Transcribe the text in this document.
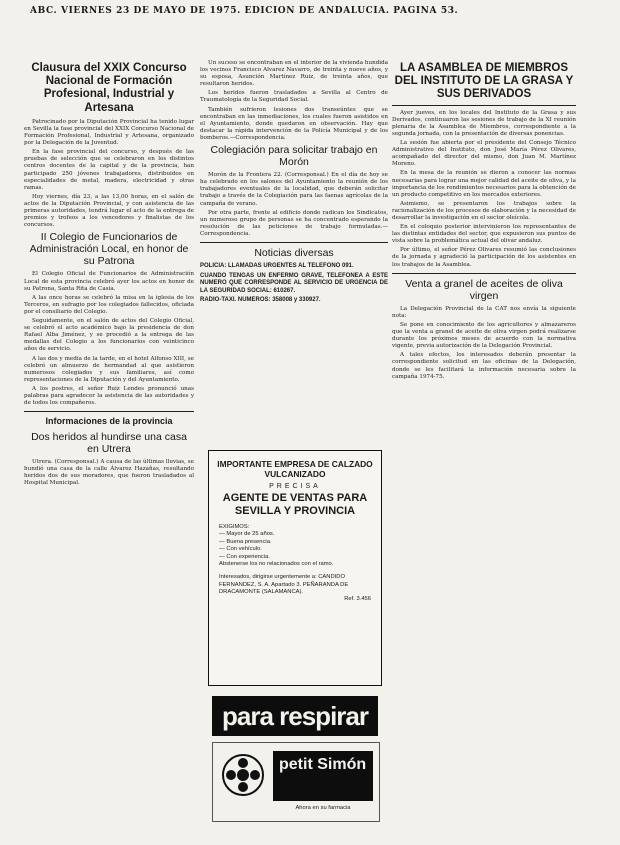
ABC. VIERNES 23 DE MAYO DE 1975. EDICION DE ANDALUCIA. PAGINA 53.
Clausura del XXIX Concurso Nacional de Formación Profesional, Industrial y Artesana

Patrocinado por la Diputación Provincial ha tenido lugar en Sevilla la fase provincial del XXIX Concurso Nacional de Formación Profesional, Industrial y Artesana, organizado por la Delegación de la Juventud.

En la fase provincial del concurso, y después de las pruebas de selección que se celebraron en los distintos centros docentes de la capital y de la provincia, han participado 250 jóvenes trabajadores, distribuidos en especialidades de metal, madera, electricidad y otras ramas.

Hoy viernes, día 23, a las 13,00 horas, en el salón de actos de la Diputación Provincial, y con asistencia de las primeras autoridades, tendrá lugar el acto de la entrega de premios y trofeos a los vencedores y finalistas de los concursos.

II Colegio de Funcionarios de Administración Local, en honor de su Patrona

El Colegio Oficial de Funcionarios de Administración Local de esta provincia celebró ayer los actos en honor de su Patrona, Santa Rita de Casia.

A las once horas se celebró la misa en la iglesia de los Terceros, en sufragio por los colegiados fallecidos, oficiada por el consiliario del Colegio.

Seguidamente, en el salón de actos del Colegio Oficial, se celebró el acto académico bajo la presidencia de don Rafael Alba Jiménez, y se procedió a la entrega de las medallas del Colegio a los funcionarios con veinticinco años de servicio.

A las dos y media de la tarde, en el hotel Alfonso XIII, se celebró un almuerzo de hermandad al que asistieron numerosos colegiados y sus familiares, así como representaciones de la Diputación y del Ayuntamiento.

A los postres, el señor Ruiz Lendes pronunció unas palabras para agradecer la asistencia de las autoridades y de todos los compañeros.

Informaciones de la provincia
Dos heridos al hundirse una casa en Utrera

Utrera. (Corresponsal.) A causa de las últimas lluvias, se hundió una casa de la calle Álvarez Hazañas, resultando heridos dos de sus moradores, que fueron trasladados al Hospital Municipal.

Un suceso se encontraban en el interior de la vivienda hundida los vecinos Francisco Alvarez Navarro, de treinta y nueve años, y su esposa, Asunción Martínez Ruiz, de treinta años, que resultaron heridos.

Los heridos fueron trasladados a Sevilla al Centro de Traumatología de la Seguridad Social.

También sufrieron lesiones dos transeúntes que se encontraban en las inmediaciones, los cuales fueron asistidos en el Ayuntamiento, donde quedaron en observación. Hay que destacar la rápida intervención de la Policía Municipal y de los bomberos.—Correspondencia.

Colegiación para solicitar trabajo en Morón

Morón de la Frontera 22. (Corresponsal.) En el día de hoy se ha celebrado en los salones del Ayuntamiento la reunión de los trabajadores eventuales de la localidad, que deberán solicitar trabajo a través de la Colegiación para las faenas agrícolas de la campaña de verano.

Por otra parte, frente al edificio donde radican los Sindicatos, un numeroso grupo de personas se ha concentrado esperando la resolución de las peticiones de trabajo formuladas.—Correspondencia.

Noticias diversas
POLICIA: LLAMADAS URGENTES AL TELEFONO 091.
CUANDO TENGAS UN ENFERMO GRAVE, TELEFONEA A ESTE NUMERO QUE CORRESPONDE AL SERVICIO DE URGENCIA DE LA SEGURIDAD SOCIAL: 610267.
RADIO-TAXI. NUMEROS: 358008 y 330927.
IMPORTANTE EMPRESA DE CALZADO VULCANIZADO
PRECISA
AGENTE DE VENTAS PARA SEVILLA Y PROVINCIA
EXIGIMOS:
— Mayor de 25 años.
— Buena presencia.
— Con vehículo.
— Con experiencia.
Abstenerse los no relacionados con el ramo.
Interesados, dirigirse urgentemente a: CANDIDO FERNANDEZ, S. A. Apartado 3. PEÑARANDA DE DRACAMONTE (SALAMANCA).
Ref. 3.456
para respirar
petit Simón
Ahora en su farmacia
LA ASAMBLEA DE MIEMBROS DEL INSTITUTO DE LA GRASA Y SUS DERIVADOS

Ayer jueves, en los locales del Instituto de la Grasa y sus Derivados, continuaron las sesiones de trabajo de la XI reunión plenaria de la Asamblea de Miembros, correspondiente a la segunda jornada, con la presentación de diversas ponencias.

La sesión fue abierta por el presidente del Consejo Técnico Administrativo del Instituto, don José María Pérez Olivares, acompañado del director del mismo, don Juan M. Martínez Moreno.

En la mesa de la reunión se dieron a conocer las normas necesarias para lograr una mejor calidad del aceite de oliva, y la importancia de los rendimientos necesarios para la obtención de un producto competitivo en los mercados exteriores.

Asimismo, se presentaron los trabajos sobre la racionalización de los procesos de elaboración y la necesidad de desarrollar la investigación en el sector oleícola.

En el coloquio posterior intervinieron los representantes de las distintas entidades del sector, que expusieron sus puntos de vista sobre la problemática actual del olivar andaluz.

Por último, el señor Pérez Olivares resumió las conclusiones de la jornada y agradeció la participación de los asistentes en los trabajos de la Asamblea.

Venta a granel de aceites de oliva virgen

La Delegación Provincial de la CAT nos envía la siguiente nota:

Se pone en conocimiento de los agricultores y almazareros que la venta a granel de aceite de oliva virgen podrá realizarse durante los próximos meses de acuerdo con la normativa vigente, previa autorización de la Delegación Provincial.

A tales efectos, los interesados deberán presentar la correspondiente solicitud en las oficinas de la Delegación, donde se les facilitará la información necesaria sobre la campaña 1974-75.

​
